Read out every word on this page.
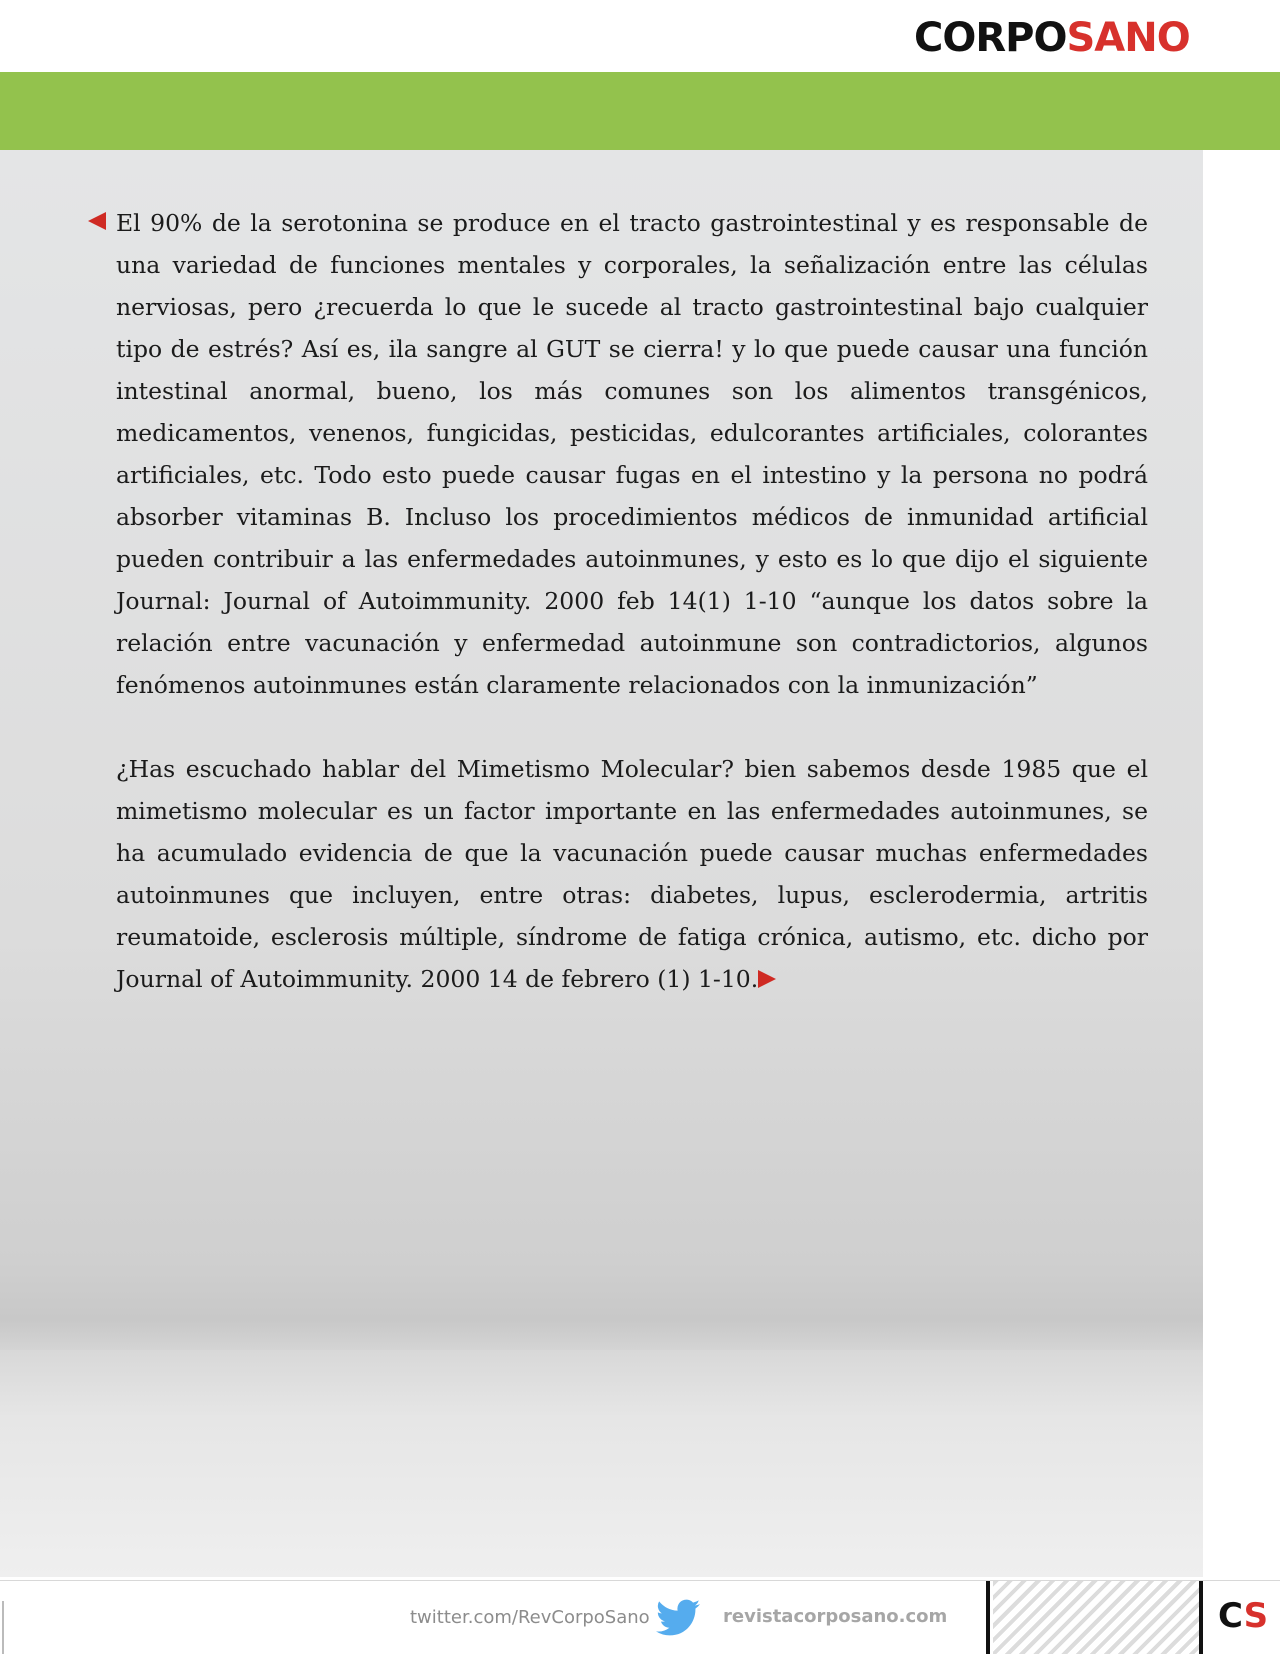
CORPOSANO

El 90% de la serotonina se produce en el tracto gastrointestinal y es responsable de una variedad de funciones mentales y corporales, la señalización entre las células nerviosas, pero ¿recuerda lo que le sucede al tracto gastrointestinal bajo cualquier tipo de estrés? Así es, ila sangre al GUT se cierra! y lo que puede causar una función intestinal anormal, bueno, los más comunes son los alimentos transgénicos, medicamentos, venenos, fungicidas, pesticidas, edulcorantes artificiales, colorantes artificiales, etc. Todo esto puede causar fugas en el intestino y la persona no podrá absorber vitaminas B. Incluso los procedimientos médicos de inmunidad artificial pueden contribuir a las enfermedades autoinmunes, y esto es lo que dijo el siguiente Journal: Journal of Autoimmunity. 2000 feb 14(1) 1-10 “aunque los datos sobre la relación entre vacunación y enfermedad autoinmune son contradictorios, algunos fenómenos autoinmunes están claramente relacionados con la inmunización”

¿Has escuchado hablar del Mimetismo Molecular? bien sabemos desde 1985 que el mimetismo molecular es un factor importante en las enfermedades autoinmunes, se ha acumulado evidencia de que la vacunación puede causar muchas enfermedades autoinmunes que incluyen, entre otras: diabetes, lupus, esclerodermia, artritis reumatoide, esclerosis múltiple, síndrome de fatiga crónica, autismo, etc. dicho por Journal of Autoimmunity. 2000 14 de febrero (1) 1-10.

twitter.com/RevCorpoSano	revistacorposano.com	CS
